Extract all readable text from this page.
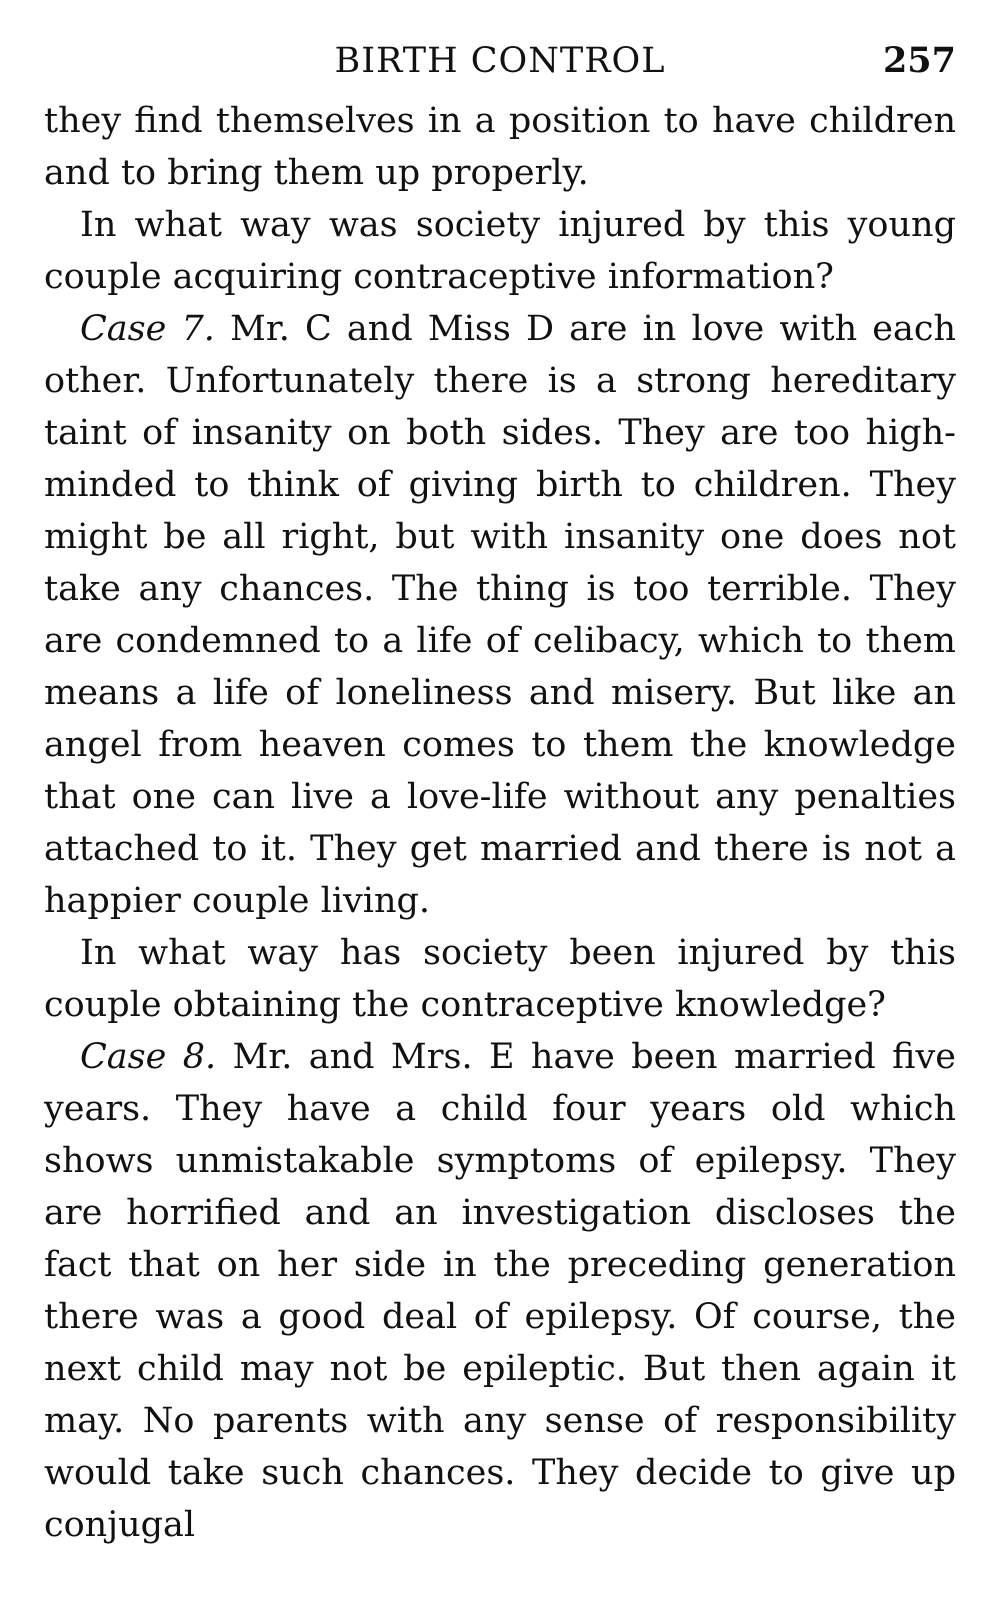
BIRTH CONTROL	257

they find themselves in a position to have children and to bring them up properly.

In what way was society injured by this young couple acquiring contraceptive information?

Case 7. Mr. C and Miss D are in love with each other. Unfortunately there is a strong hereditary taint of insanity on both sides. They are too highminded to think of giving birth to children. They might be all right, but with insanity one does not take any chances. The thing is too terrible. They are condemned to a life of celibacy, which to them means a life of loneliness and misery. But like an angel from heaven comes to them the knowledge that one can live a love-life without any penalties attached to it. They get married and there is not a happier couple living.

In what way has society been injured by this couple obtaining the contraceptive knowledge?

Case 8. Mr. and Mrs. E have been married five years. They have a child four years old which shows unmistakable symptoms of epilepsy. They are horrified and an investigation discloses the fact that on her side in the preceding generation there was a good deal of epilepsy. Of course, the next child may not be epileptic. But then again it may. No parents with any sense of responsibility would take such chances. They decide to give up conjugal
